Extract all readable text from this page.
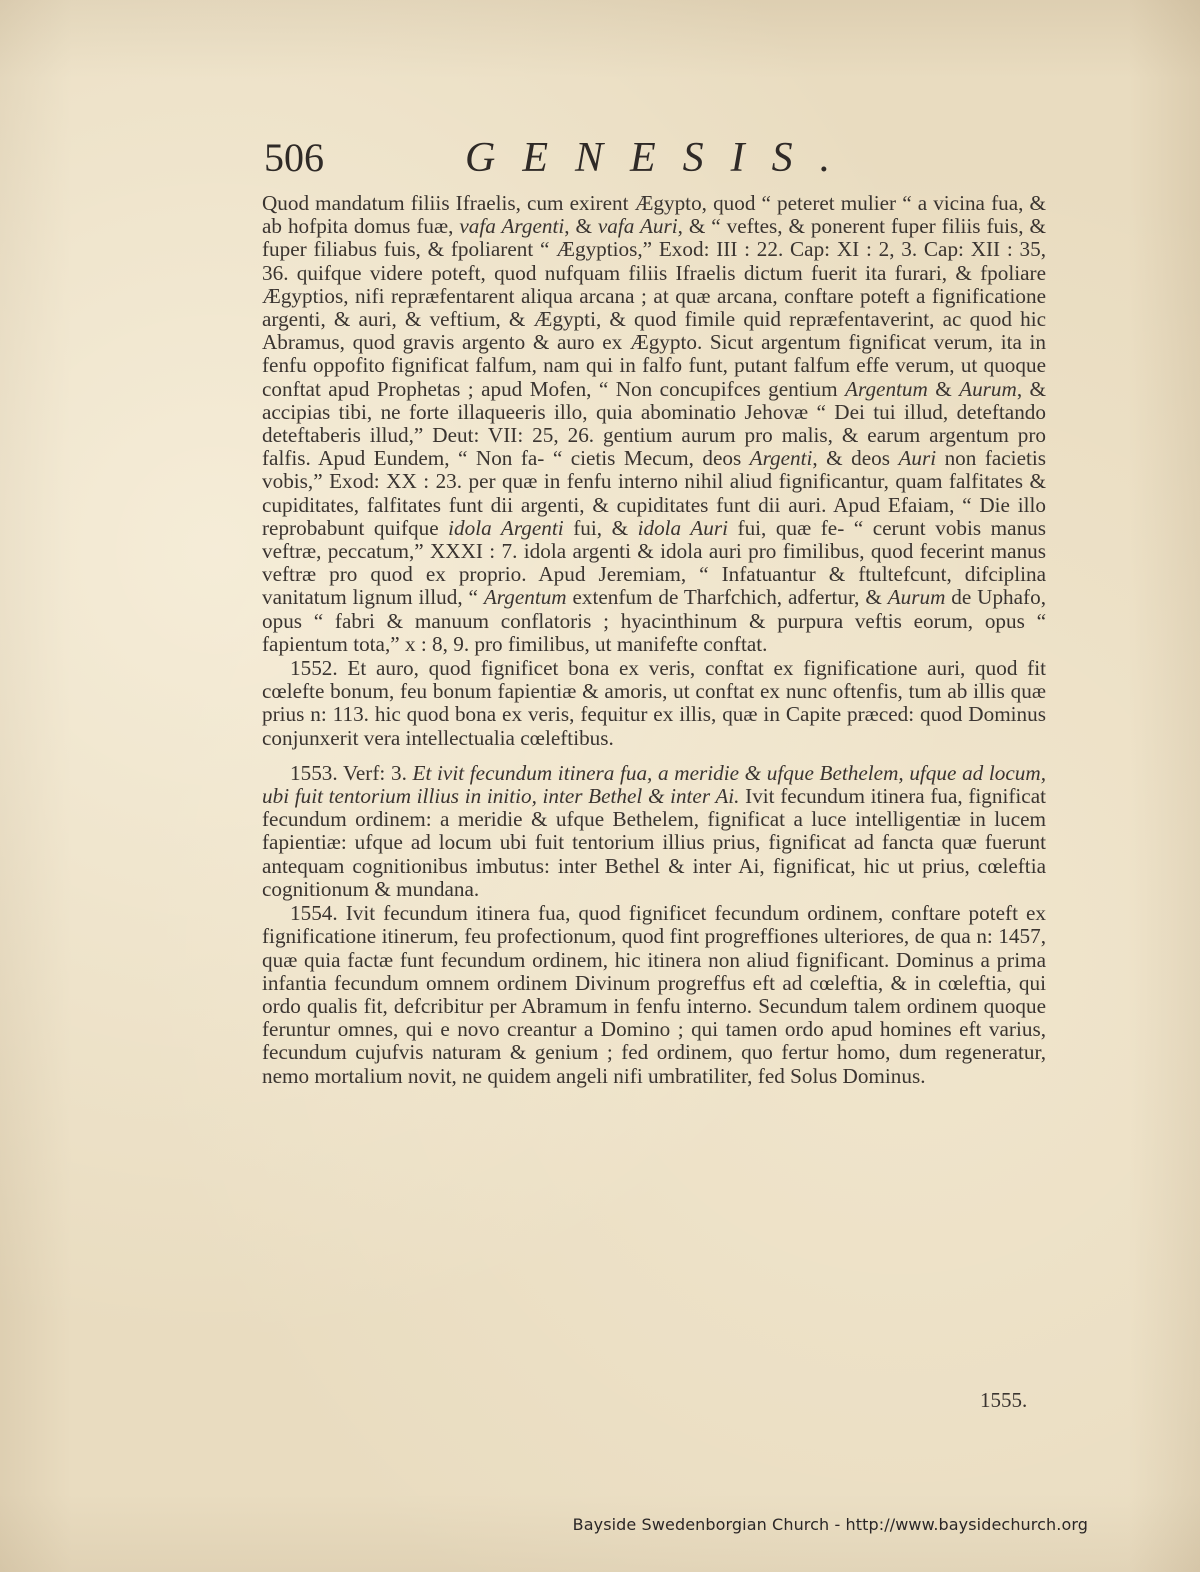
506	GENESIS.

Quod mandatum filiis Ifraelis, cum exirent Ægypto, quod “ peteret mulier “ a vicina fua, & ab hofpita domus fuæ, vafa Argenti, & vafa Auri, & “ veftes, & ponerent fuper filiis fuis, & fuper filiabus fuis, & fpoliarent “ Ægyptios,” Exod: III : 22. Cap: XI : 2, 3. Cap: XII : 35, 36. quifque videre poteft, quod nufquam filiis Ifraelis dictum fuerit ita furari, & fpoliare Ægyptios, nifi repræfentarent aliqua arcana ; at quæ arcana, conftare poteft a fignificatione argenti, & auri, & veftium, & Ægypti, & quod fimile quid repræfentaverint, ac quod hic Abramus, quod gravis argento & auro ex Ægypto. Sicut argentum fignificat verum, ita in fenfu oppofito fignificat falfum, nam qui in falfo funt, putant falfum effe verum, ut quoque conftat apud Prophetas ; apud Mofen, “ Non concupifces gentium Argentum & Aurum, & accipias tibi, ne forte illaqueeris illo, quia abominatio Jehovæ “ Dei tui illud, deteftando deteftaberis illud,” Deut: VII: 25, 26. gentium aurum pro malis, & earum argentum pro falfis. Apud Eundem, “ Non fa- “ cietis Mecum, deos Argenti, & deos Auri non facietis vobis,” Exod: XX : 23. per quæ in fenfu interno nihil aliud fignificantur, quam falfitates & cupiditates, falfitates funt dii argenti, & cupiditates funt dii auri. Apud Efaiam, “ Die illo reprobabunt quifque idola Argenti fui, & idola Auri fui, quæ fe- “ cerunt vobis manus veftræ, peccatum,” XXXI : 7. idola argenti & idola auri pro fimilibus, quod fecerint manus veftræ pro quod ex proprio. Apud Jeremiam, “ Infatuantur & ftultefcunt, difciplina vanitatum lignum illud, “ Argentum extenfum de Tharfchich, adfertur, & Aurum de Uphafo, opus “ fabri & manuum conflatoris ; hyacinthinum & purpura veftis eorum, opus “ fapientum tota,” x : 8, 9. pro fimilibus, ut manifefte conftat.

1552. Et auro, quod fignificet bona ex veris, conftat ex fignificatione auri, quod fit cœlefte bonum, feu bonum fapientiæ & amoris, ut conftat ex nunc oftenfis, tum ab illis quæ prius n: 113. hic quod bona ex veris, fequitur ex illis, quæ in Capite præced: quod Dominus conjunxerit vera intellectualia cœleftibus.

1553. Verf: 3. Et ivit fecundum itinera fua, a meridie & ufque Bethelem, ufque ad locum, ubi fuit tentorium illius in initio, inter Bethel & inter Ai. Ivit fecundum itinera fua, fignificat fecundum ordinem: a meridie & ufque Bethelem, fignificat a luce intelligentiæ in lucem fapientiæ: ufque ad locum ubi fuit tentorium illius prius, fignificat ad fancta quæ fuerunt antequam cognitionibus imbutus: inter Bethel & inter Ai, fignificat, hic ut prius, cœleftia cognitionum & mundana.

1554. Ivit fecundum itinera fua, quod fignificet fecundum ordinem, conftare poteft ex fignificatione itinerum, feu profectionum, quod fint progreffiones ulteriores, de qua n: 1457, quæ quia factæ funt fecundum ordinem, hic itinera non aliud fignificant. Dominus a prima infantia fecundum omnem ordinem Divinum progreffus eft ad cœleftia, & in cœleftia, qui ordo qualis fit, defcribitur per Abramum in fenfu interno. Secundum talem ordinem quoque feruntur omnes, qui e novo creantur a Domino ; qui tamen ordo apud homines eft varius, fecundum cujufvis naturam & genium ; fed ordinem, quo fertur homo, dum regeneratur, nemo mortalium novit, ne quidem angeli nifi umbratiliter, fed Solus Dominus.

1555.
Bayside Swedenborgian Church - http://www.baysidechurch.org
